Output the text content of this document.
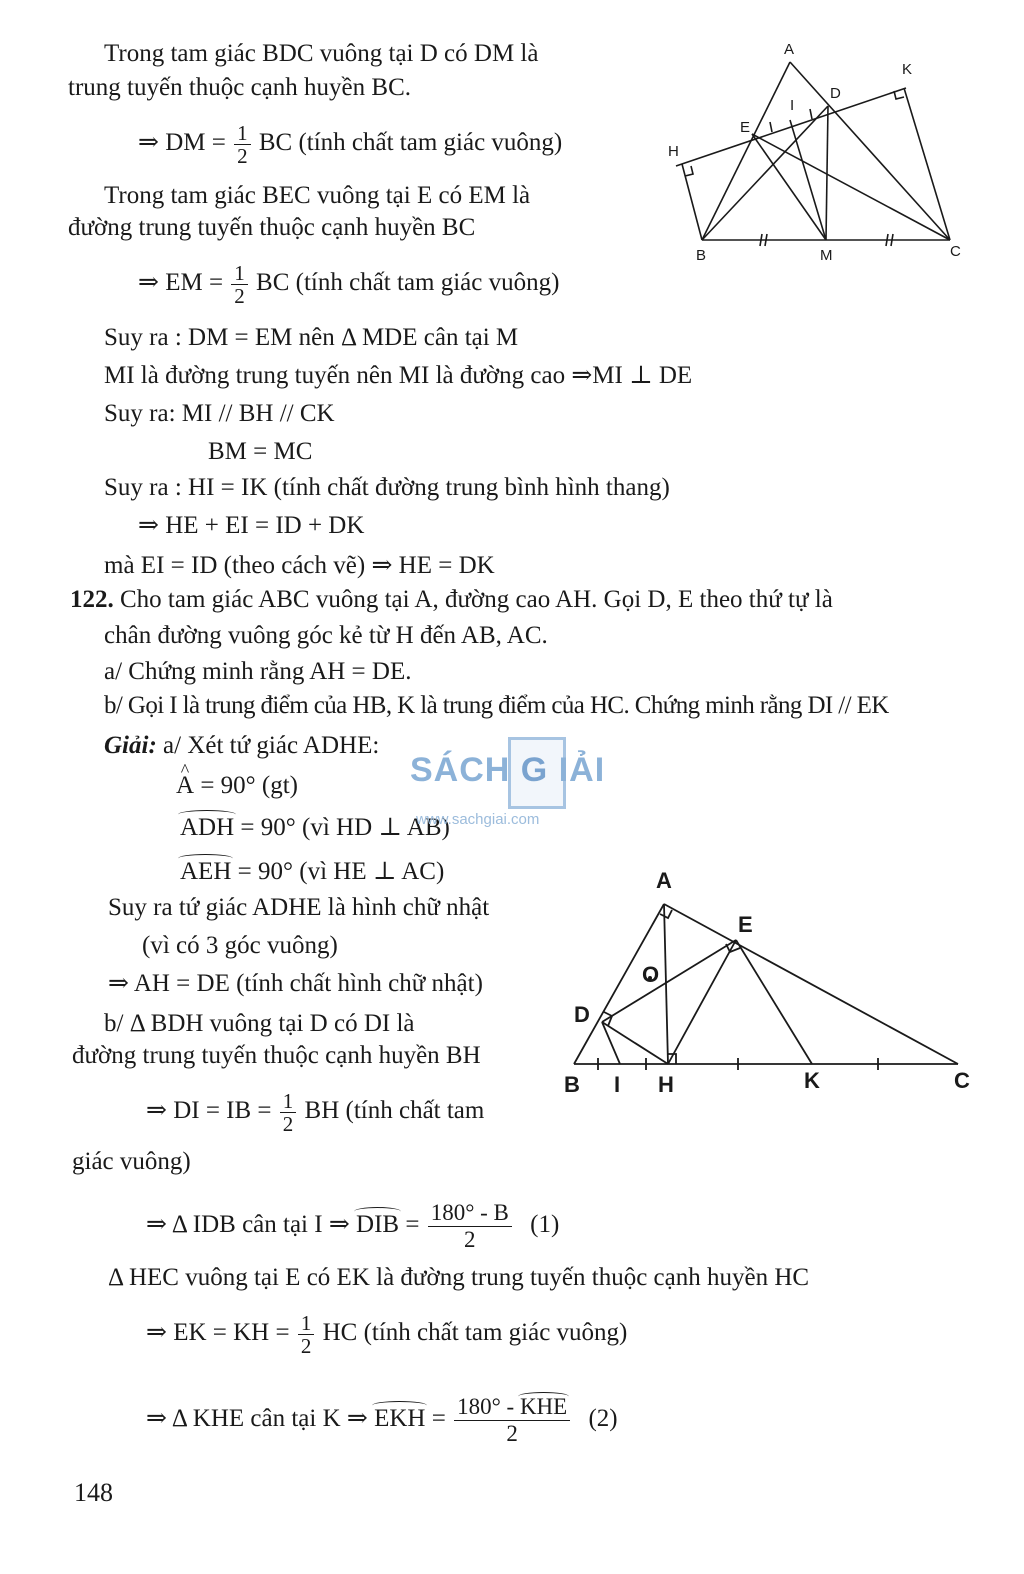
Trong tam giác BDC vuông tại D có DM là
trung tuyến thuộc cạnh huyền BC.
⇒ DM = $\frac{1}{2}$ BC (tính chất tam giác vuông)
Trong tam giác BEC vuông tại E có EM là
đường trung tuyến thuộc cạnh huyền BC
⇒ EM = $\frac{1}{2}$ BC (tính chất tam giác vuông)
Suy ra : DM = EM nên Δ MDE cân tại M
MI là đường trung tuyến nên MI là đường cao ⇒MI ⊥ DE
Suy ra: MI // BH // CK
BM = MC
Suy ra : HI = IK (tính chất đường trung bình hình thang)
⇒ HE + EI = ID + DK
mà EI = ID (theo cách vẽ) ⇒ HE = DK
122. Cho tam giác ABC vuông tại A, đường cao AH. Gọi D, E theo thứ tự là
chân đường vuông góc kẻ từ H đến AB, AC.
a/ Chứng minh rằng AH = DE.
b/ Gọi I là trung điểm của HB, K là trung điểm của HC. Chứng minh rằng DI // EK
Giải: a/ Xét tứ giác ADHE:
^ A = 90° (gt)
ADH = 90° (vì HD ⊥ AB)
AEH = 90° (vì HE ⊥ AC)
Suy ra tứ giác ADHE là hình chữ nhật
(vì có 3 góc vuông)
⇒ AH = DE (tính chất hình chữ nhật)
b/ Δ BDH vuông tại D có DI là
đường trung tuyến thuộc cạnh huyền BH
⇒ DI = IB = $\frac{1}{2}$ BH (tính chất tam
giác vuông)
⇒ Δ IDB cân tại I ⇒ DIB = $\frac{180^\circ - B}{2} (1)$
Δ HEC vuông tại E có EK là đường trung tuyến thuộc cạnh huyền HC
⇒ EK = KH = $\frac{1}{2}$ HC (tính chất tam giác vuông)
⇒ Δ KHE cân tại K ⇒ EKH = $\frac{\text{180° - KHE}}{2} (2)$
SÁCH G IẢI
www.sachgiai.com
A
K
D
I
E
H
B	M	C
A
E
O
D
B I H	K	C
148
